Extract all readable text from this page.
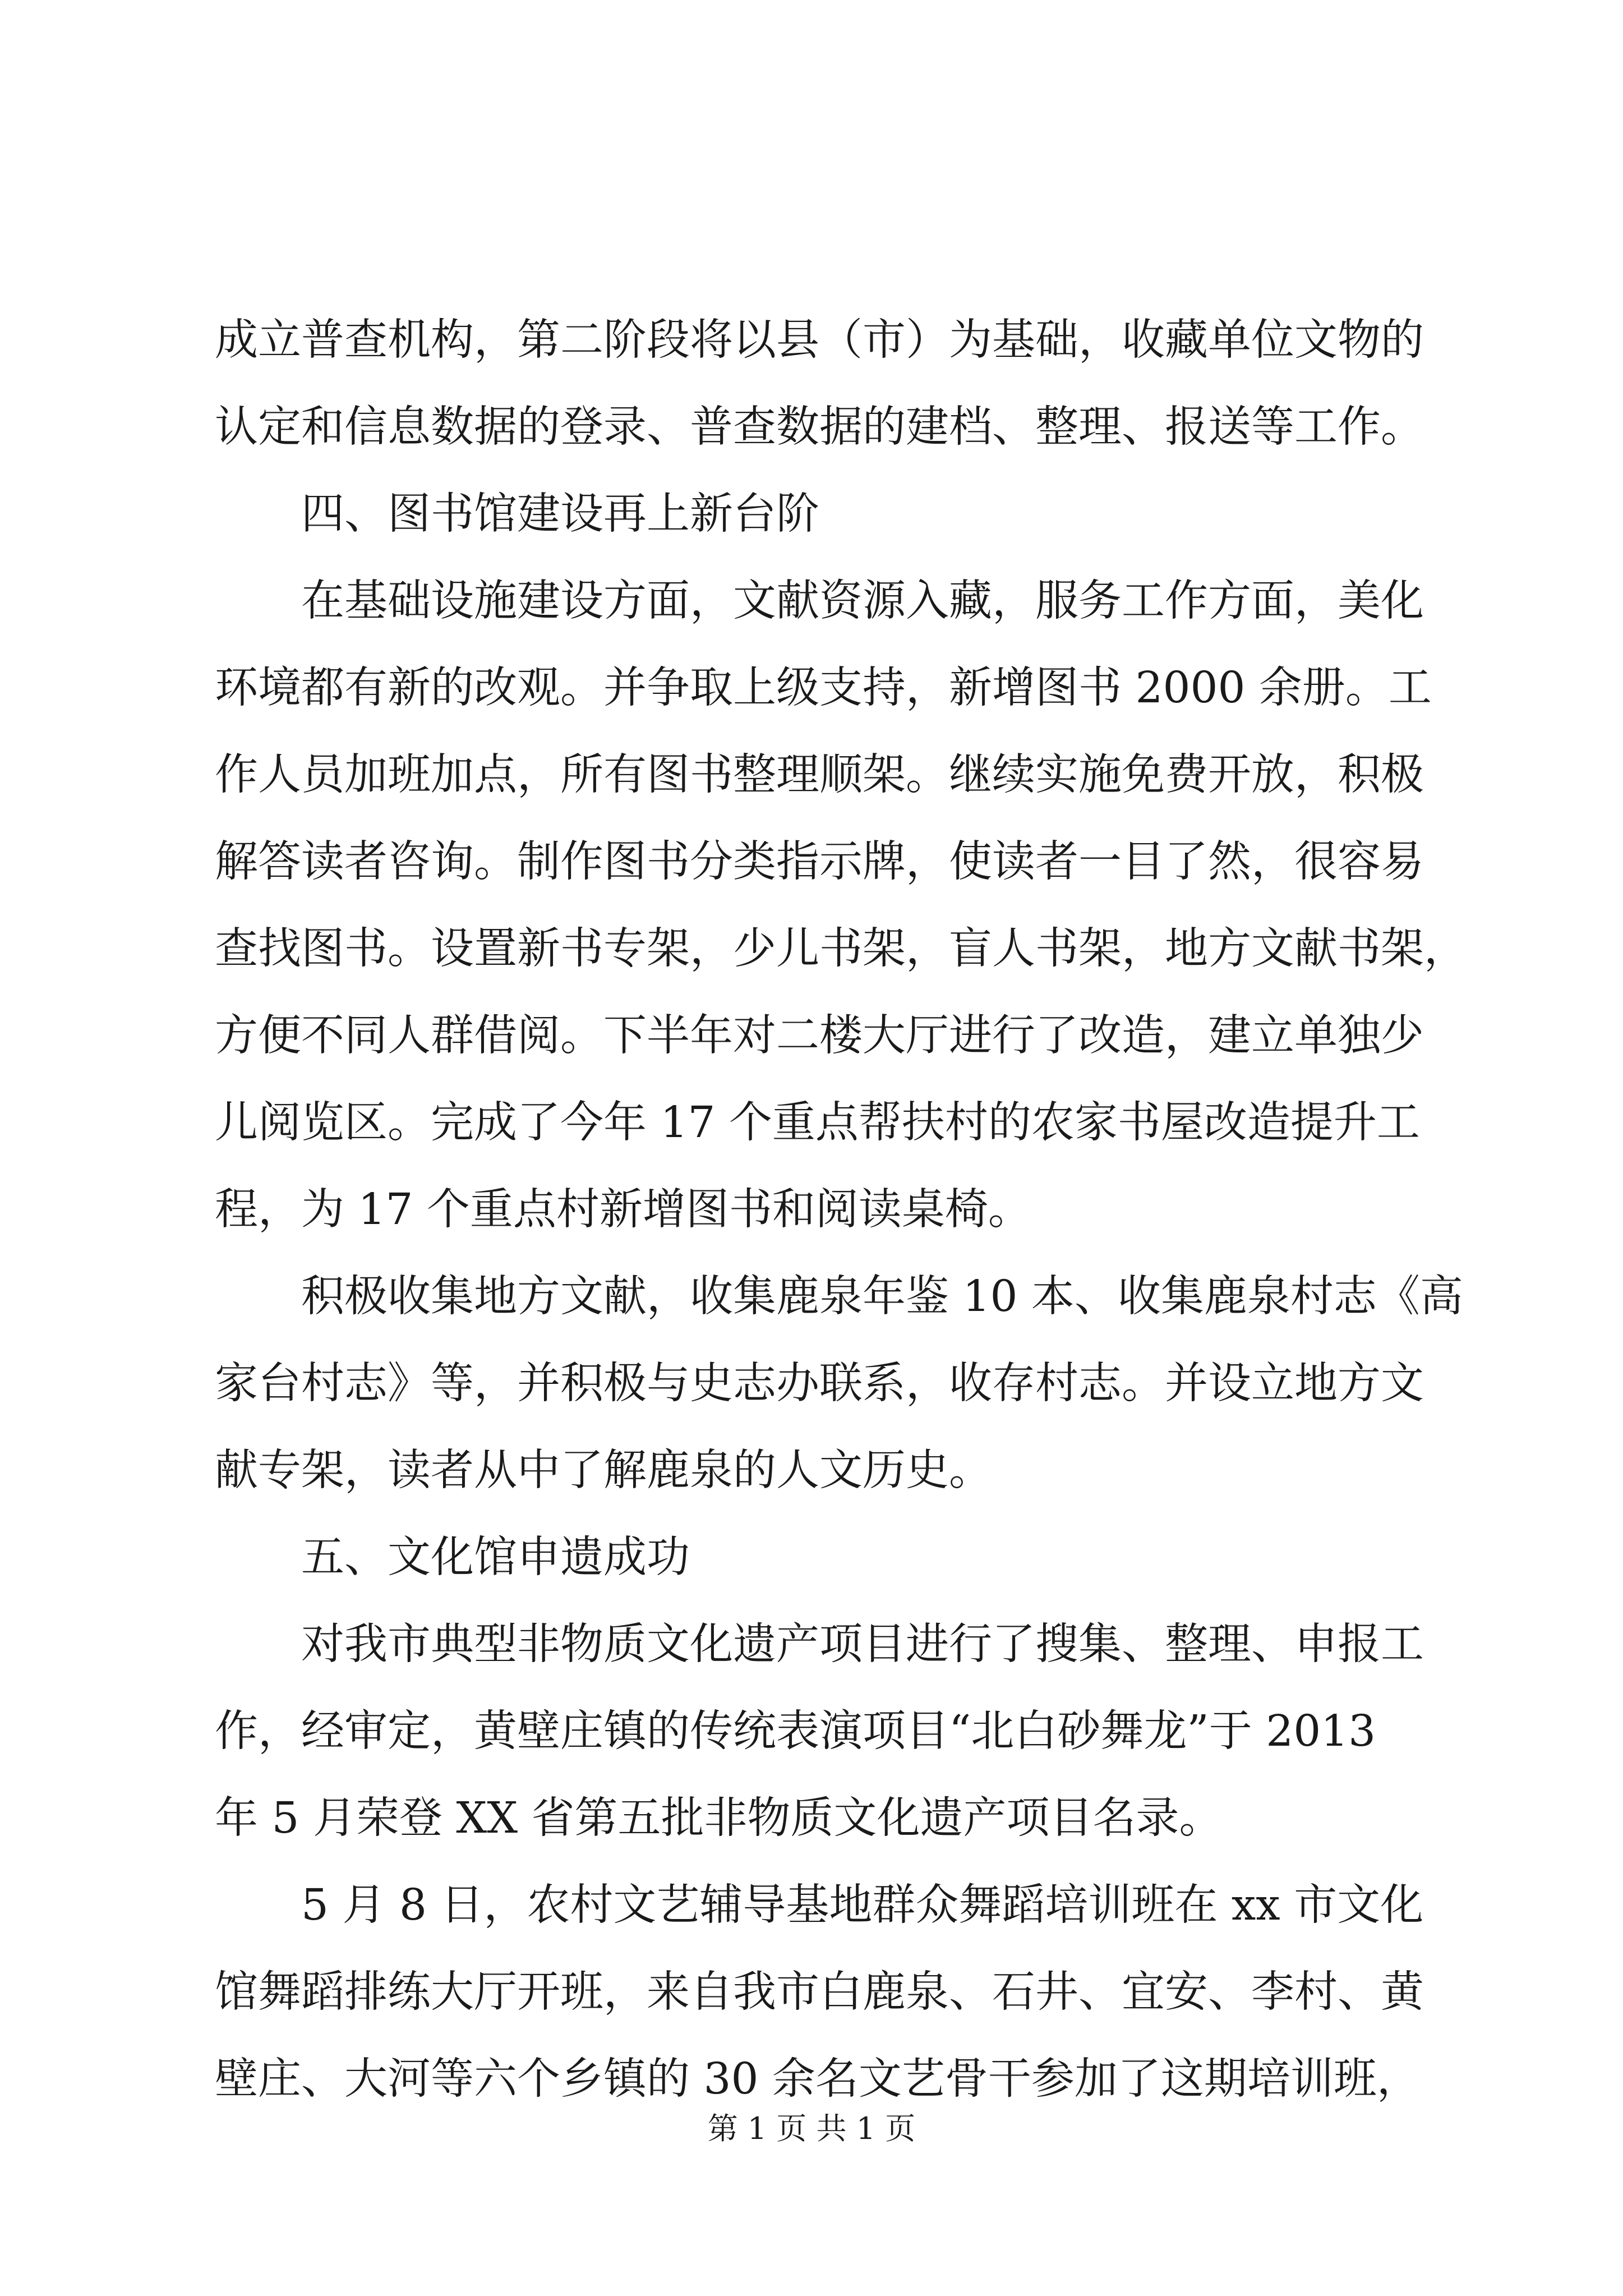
成立普查机构，第二阶段将以县（市）为基础，收藏单位文物的

认定和信息数据的登录、普查数据的建档、整理、报送等工作。

四、图书馆建设再上新台阶

在基础设施建设方面，文献资源入藏，服务工作方面，美化

环境都有新的改观。并争取上级支持，新增图书 2000 余册。工

作人员加班加点，所有图书整理顺架。继续实施免费开放，积极

解答读者咨询。制作图书分类指示牌，使读者一目了然，很容易

查找图书。设置新书专架，少儿书架，盲人书架，地方文献书架，

方便不同人群借阅。下半年对二楼大厅进行了改造，建立单独少

儿阅览区。完成了今年 17 个重点帮扶村的农家书屋改造提升工

程，为 17 个重点村新增图书和阅读桌椅。

积极收集地方文献，收集鹿泉年鉴 10 本、收集鹿泉村志《高

家台村志》等，并积极与史志办联系，收存村志。并设立地方文

献专架，读者从中了解鹿泉的人文历史。

五、文化馆申遗成功

对我市典型非物质文化遗产项目进行了搜集、整理、申报工

作，经审定，黄壁庄镇的传统表演项目“北白砂舞龙”于 2013

年 5 月荣登 XX 省第五批非物质文化遗产项目名录。

5 月 8 日，农村文艺辅导基地群众舞蹈培训班在 xx 市文化

馆舞蹈排练大厅开班，来自我市白鹿泉、石井、宜安、李村、黄

壁庄、大河等六个乡镇的 30 余名文艺骨干参加了这期培训班，

第 1 页 共 1 页
